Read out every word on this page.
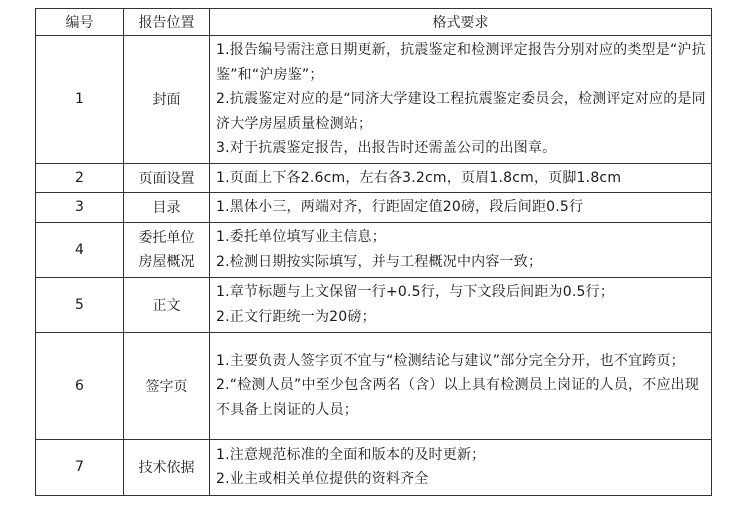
编号	报告位置	格式要求
1	封面	1.报告编号需注意日期更新，抗震鉴定和检测评定报告分别对应的类型是“沪抗鉴”和“沪房鉴”；
2.抗震鉴定对应的是“同济大学建设工程抗震鉴定委员会，检测评定对应的是同济大学房屋质量检测站；
3.对于抗震鉴定报告，出报告时还需盖公司的出图章。

2	页面设置	1.页面上下各2.6cm，左右各3.2cm，页眉1.8cm，页脚1.8cm

3	目录	1.黑体小三，两端对齐，行距固定值20磅，段后间距0.5行

4	委托单位房屋概况	1.委托单位填写业主信息；
2.检测日期按实际填写，并与工程概况中内容一致；

5	正文	1.章节标题与上文保留一行+0.5行，与下文段后间距为0.5行；
2.正文行距统一为20磅；

6	签字页	1.主要负责人签字页不宜与“检测结论与建议”部分完全分开，也不宜跨页；
2.“检测人员”中至少包含两名（含）以上具有检测员上岗证的人员，不应出现不具备上岗证的人员；

7	技术依据	1.注意规范标准的全面和版本的及时更新；
2.业主或相关单位提供的资料齐全
